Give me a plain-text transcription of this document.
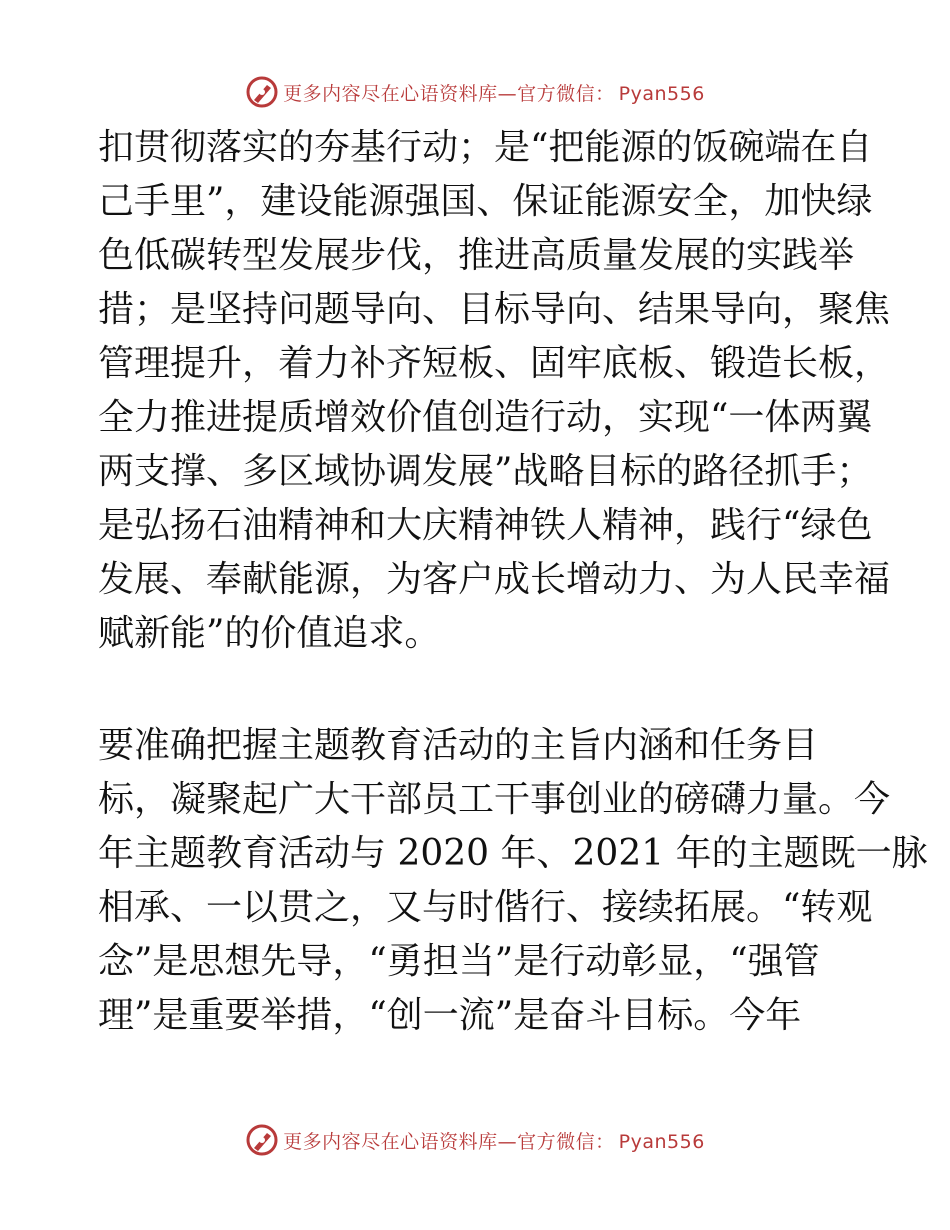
更多内容尽在心语资料库—官方微信： Pyan556
扣贯彻落实的夯基行动；是“把能源的饭碗端在自
己手里”，建设能源强国、保证能源安全，加快绿
色低碳转型发展步伐，推进高质量发展的实践举
措；是坚持问题导向、目标导向、结果导向，聚焦
管理提升，着力补齐短板、固牢底板、锻造长板，
全力推进提质增效价值创造行动，实现“一体两翼
两支撑、多区域协调发展”战略目标的路径抓手；
是弘扬石油精神和大庆精神铁人精神，践行“绿色
发展、奉献能源，为客户成长增动力、为人民幸福
赋新能”的价值追求。
要准确把握主题教育活动的主旨内涵和任务目
标，凝聚起广大干部员工干事创业的磅礴力量。今
年主题教育活动与 2020 年、2021 年的主题既一脉
相承、一以贯之，又与时偕行、接续拓展。“转观
念”是思想先导，“勇担当”是行动彰显，“强管
理”是重要举措，“创一流”是奋斗目标。今年
更多内容尽在心语资料库—官方微信： Pyan556
